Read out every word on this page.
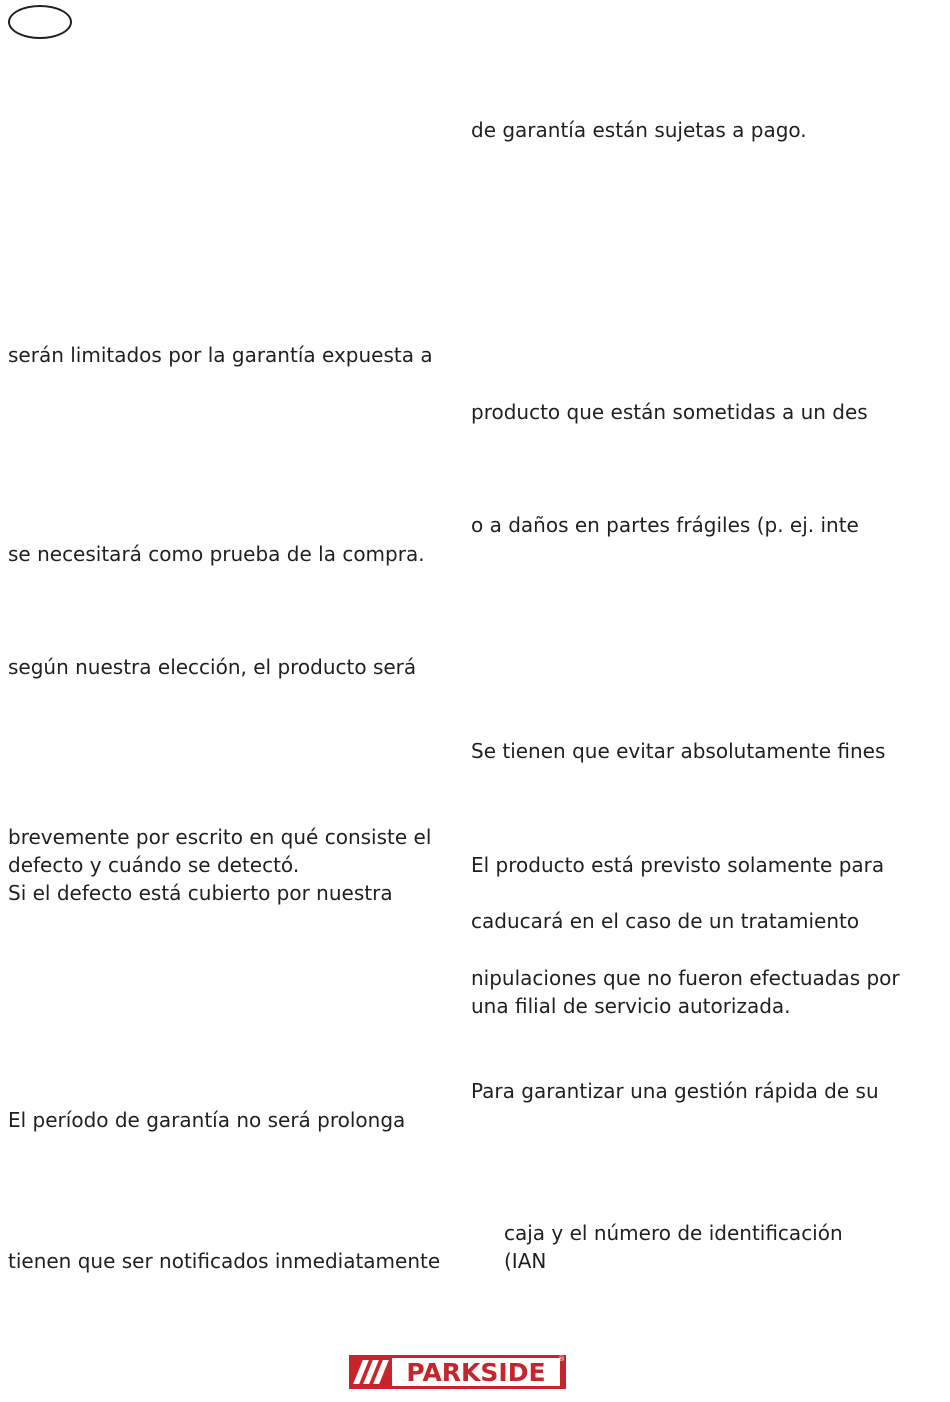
serán limitados por la garantía expuesta a
se necesitará como prueba de la compra.
según nuestra elección, el producto será
brevemente por escrito en qué consiste el
defecto y cuándo se detectó.
Si el defecto está cubierto por nuestra
El período de garantía no será prolonga
tienen que ser notificados inmediatamente
de garantía están sujetas a pago.
producto que están sometidas a un des
o a daños en partes frágiles (p. ej. inte
Se tienen que evitar absolutamente fines
El producto está previsto solamente para
caducará en el caso de un tratamiento
nipulaciones que no fueron efectuadas por
una filial de servicio autorizada.
Para garantizar una gestión rápida de su
caja y el número de identificación
(IAN
PARKSIDE	®
